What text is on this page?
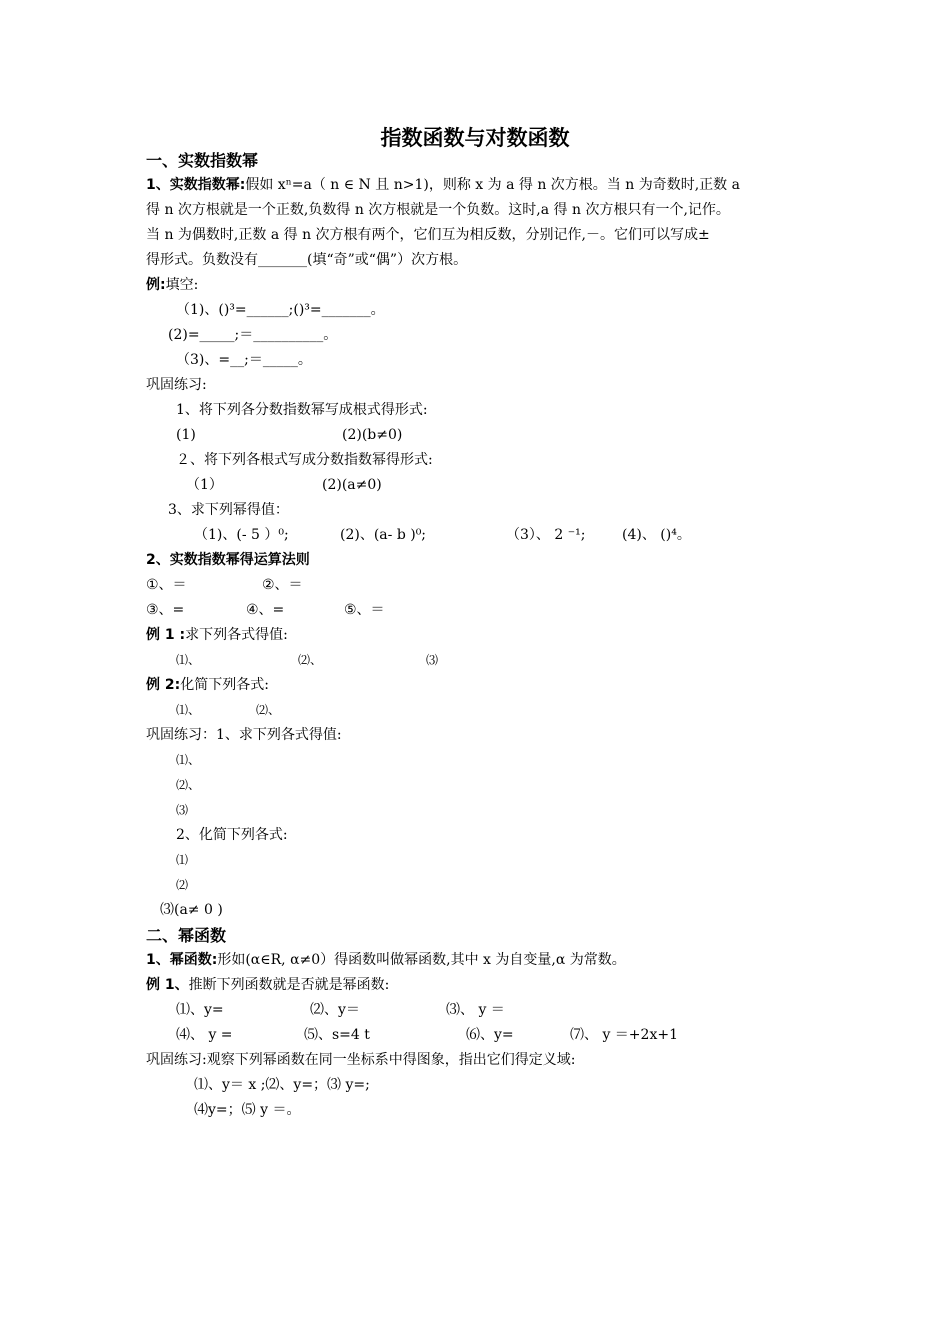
指数函数与对数函数
一、实数指数幂
1、实数指数幂:假如 xⁿ=a（ n ∈ N 且 n>1)，则称 x 为 a 得 n 次方根。当 n 为奇数时,正数 a
得 n 次方根就是一个正数,负数得 n 次方根就是一个负数。这时,a 得 n 次方根只有一个,记作。
当 n 为偶数时,正数 a 得 n 次方根有两个，它们互为相反数，分别记作,－。它们可以写成±
得形式。负数没有_______(填“奇”或“偶”）次方根。
例:填空:
（1)、()³=______;()³=_______。
(2)=_____;＝__________。
（3)、=__;＝_____。
巩固练习:
1、将下列各分数指数幂写成根式得形式:
(1)	(2)(b≠0)
２、将下列各根式写成分数指数幂得形式:
（1）	(2)(a≠0)
3、求下列幂得值：
（1)、(- 5 ）⁰;	(2)、(a- b )⁰;	（3）、 2 ⁻¹;	(4)、 ()⁴。
2、实数指数幂得运算法则
①、＝	②、＝
③、=	④、=	⑤、＝
例 1 :求下列各式得值:
⑴、	⑵、	⑶
例 2:化简下列各式:
⑴、	⑵、
巩固练习：1、求下列各式得值:
⑴、
⑵、
⑶
2、化简下列各式:
⑴
⑵
⑶(a≠ 0 )
二、幂函数
1、幂函数:形如(α∈R, α≠0）得函数叫做幂函数,其中 x 为自变量,α 为常数。
例 1、推断下列函数就是否就是幂函数:
⑴、y=	⑵、y＝	⑶、 y ＝
⑷、 y =	⑸、s=4 t	⑹、y=	⑺、 y ＝+2x+1
巩固练习:观察下列幂函数在同一坐标系中得图象，指出它们得定义域:
⑴、y＝ x ;⑵、y=；⑶ y=;
⑷y=；⑸ y ＝。
